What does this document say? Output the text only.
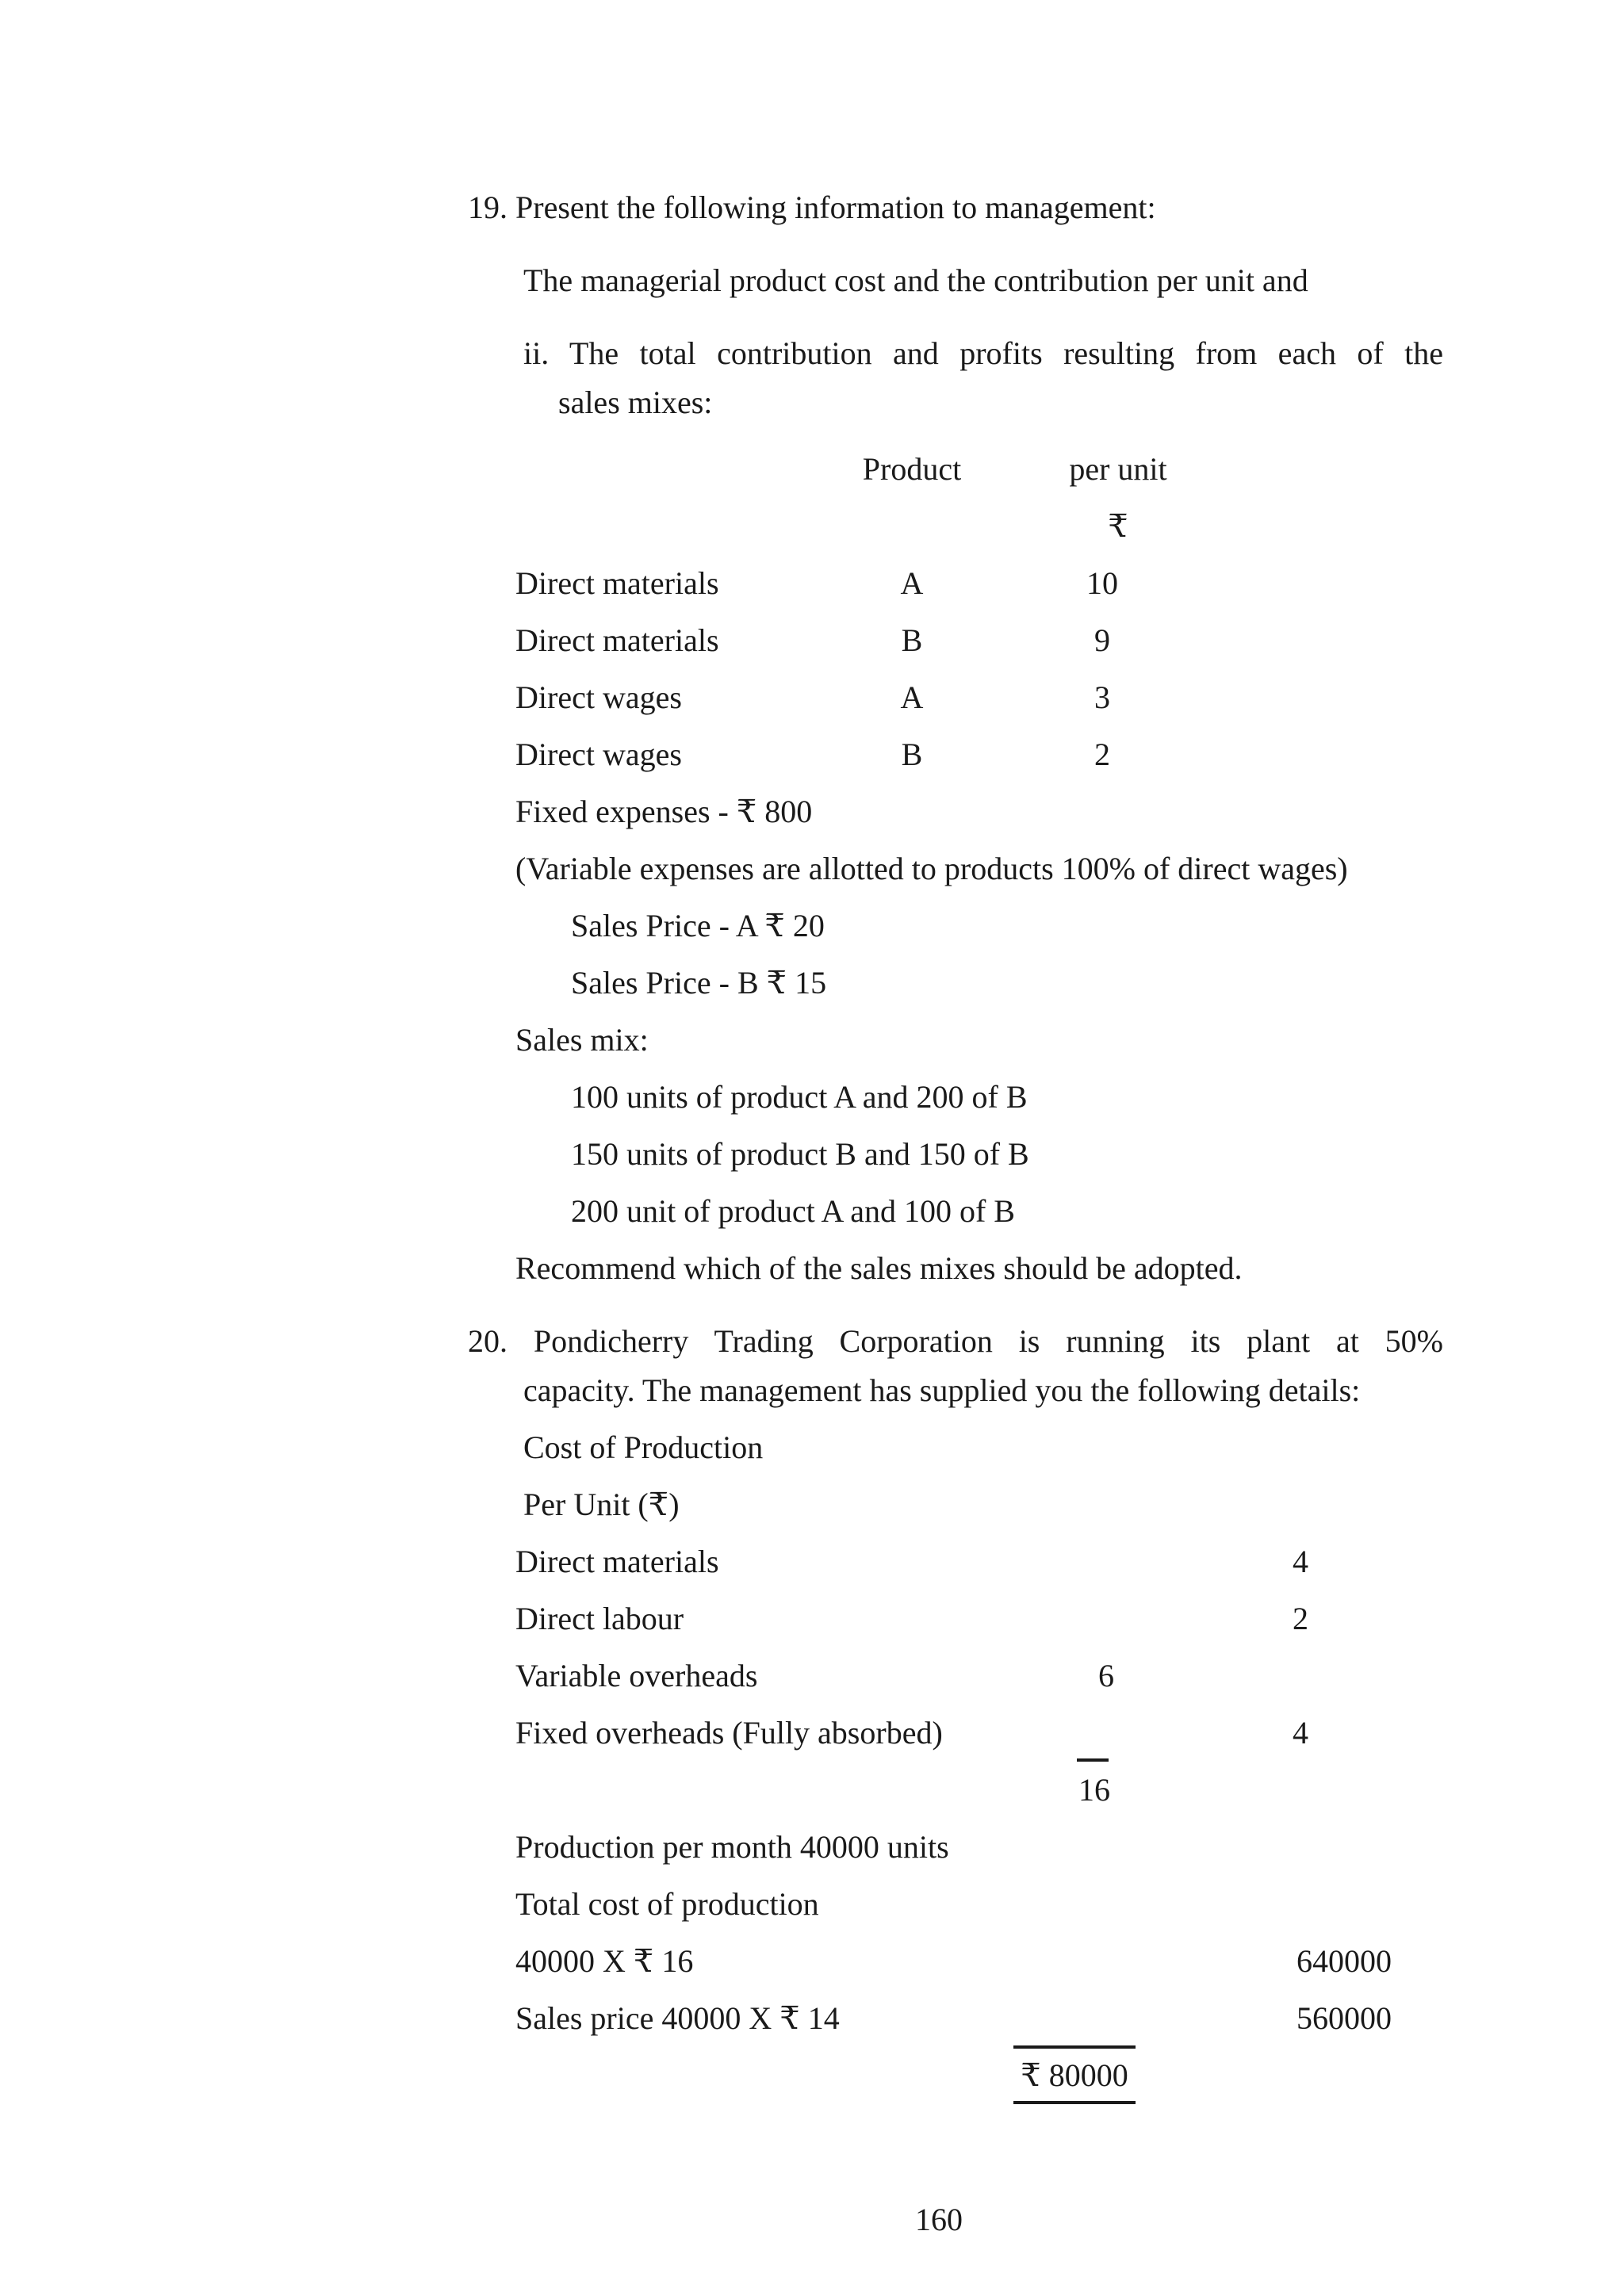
19. Present the following information to management:
The managerial product cost and the contribution per unit and
ii. The total contribution and profits resulting from each of the
sales mixes:
Product	per unit
₹
Direct materials	A	10
Direct materials	B	9
Direct wages	A	3
Direct wages	B	2
Fixed expenses - ₹ 800
(Variable expenses are allotted to products 100% of direct wages)
Sales Price - A ₹ 20
Sales Price - B ₹ 15
Sales mix:
100 units of product A and 200 of B
150 units of product B and 150 of B
200 unit of product A and 100 of B
Recommend which of the sales mixes should be adopted.
20. Pondicherry Trading Corporation is running its plant at 50%
capacity. The management has supplied you the following details:
Cost of Production
Per Unit (₹)
Direct materials	4
Direct labour	2
Variable overheads	6
Fixed overheads (Fully absorbed)	4
16
Production per month 40000 units
Total cost of production
40000 X ₹ 16	640000
Sales price 40000 X ₹ 14	560000
₹ 80000
160
